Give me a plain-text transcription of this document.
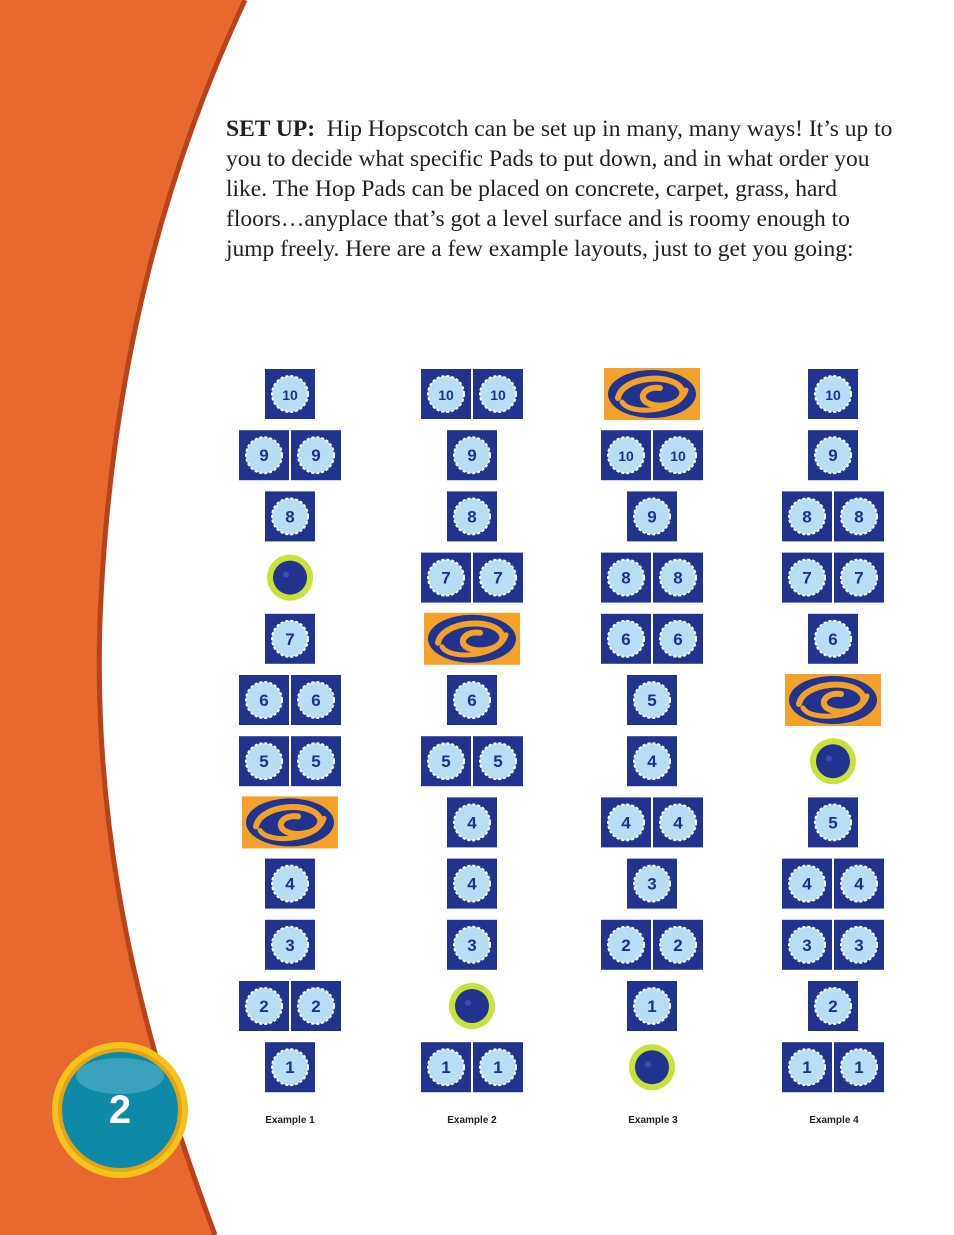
SET UP: Hip Hopscotch can be set up in many, many ways! It’s up to you to decide what specific Pads to put down, and in what order you like. The Hop Pads can be placed on concrete, carpet, grass, hard floors…anyplace that’s got a level surface and is roomy enough to jump freely. Here are a few example layouts, just to get you going:

10
9	9
8
7
6	6
5	5
4
3
2	2
1
10	10
9
8
7	7
6
5	5
4
4
3
1	1
10	10
9
8	8
6	6
5
4
4	4
3
2	2
1
10
9
8	8
7	7
6
5
4	4
3	3
2
1	1
Example 1	Example 2	Example 3	Example 4
2
